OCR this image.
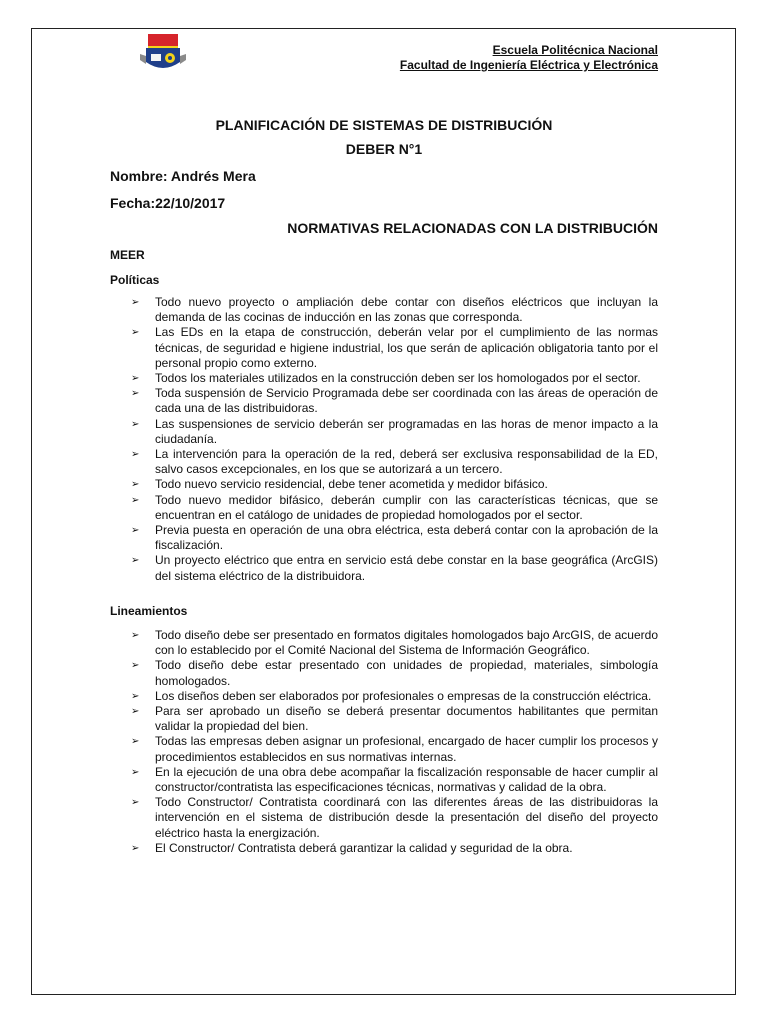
Escuela Politécnica Nacional
Facultad de Ingeniería Eléctrica y Electrónica
PLANIFICACIÓN DE SISTEMAS DE DISTRIBUCIÓN
DEBER N°1
Nombre: Andrés Mera
Fecha:22/10/2017
NORMATIVAS RELACIONADAS CON LA DISTRIBUCIÓN
MEER
Políticas
➢ Todo nuevo proyecto o ampliación debe contar con diseños eléctricos que incluyan la demanda de las cocinas de inducción en las zonas que corresponda.
➢ Las EDs en la etapa de construcción, deberán velar por el cumplimiento de las normas técnicas, de seguridad e higiene industrial, los que serán de aplicación obligatoria tanto por el personal propio como externo.
➢ Todos los materiales utilizados en la construcción deben ser los homologados por el sector.
➢ Toda suspensión de Servicio Programada debe ser coordinada con las áreas de operación de cada una de las distribuidoras.
➢ Las suspensiones de servicio deberán ser programadas en las horas de menor impacto a la ciudadanía.
➢ La intervención para la operación de la red, deberá ser exclusiva responsabilidad de la ED, salvo casos excepcionales, en los que se autorizará a un tercero.
➢ Todo nuevo servicio residencial, debe tener acometida y medidor bifásico.
➢ Todo nuevo medidor bifásico, deberán cumplir con las características técnicas, que se encuentran en el catálogo de unidades de propiedad homologados por el sector.
➢ Previa puesta en operación de una obra eléctrica, esta deberá contar con la aprobación de la fiscalización.
➢ Un proyecto eléctrico que entra en servicio está debe constar en la base geográfica (ArcGIS) del sistema eléctrico de la distribuidora.
Lineamientos
➢ Todo diseño debe ser presentado en formatos digitales homologados bajo ArcGIS, de acuerdo con lo establecido por el Comité Nacional del Sistema de Información Geográfico.
➢ Todo diseño debe estar presentado con unidades de propiedad, materiales, simbología homologados.
➢ Los diseños deben ser elaborados por profesionales o empresas de la construcción eléctrica.
➢ Para ser aprobado un diseño se deberá presentar documentos habilitantes que permitan validar la propiedad del bien.
➢ Todas las empresas deben asignar un profesional, encargado de hacer cumplir los procesos y procedimientos establecidos en sus normativas internas.
➢ En la ejecución de una obra debe acompañar la fiscalización responsable de hacer cumplir al constructor/contratista las especificaciones técnicas, normativas y calidad de la obra.
➢ Todo Constructor/ Contratista coordinará con las diferentes áreas de las distribuidoras la intervención en el sistema de distribución desde la presentación del diseño del proyecto eléctrico hasta la energización.
➢ El Constructor/ Contratista deberá garantizar la calidad y seguridad de la obra.
